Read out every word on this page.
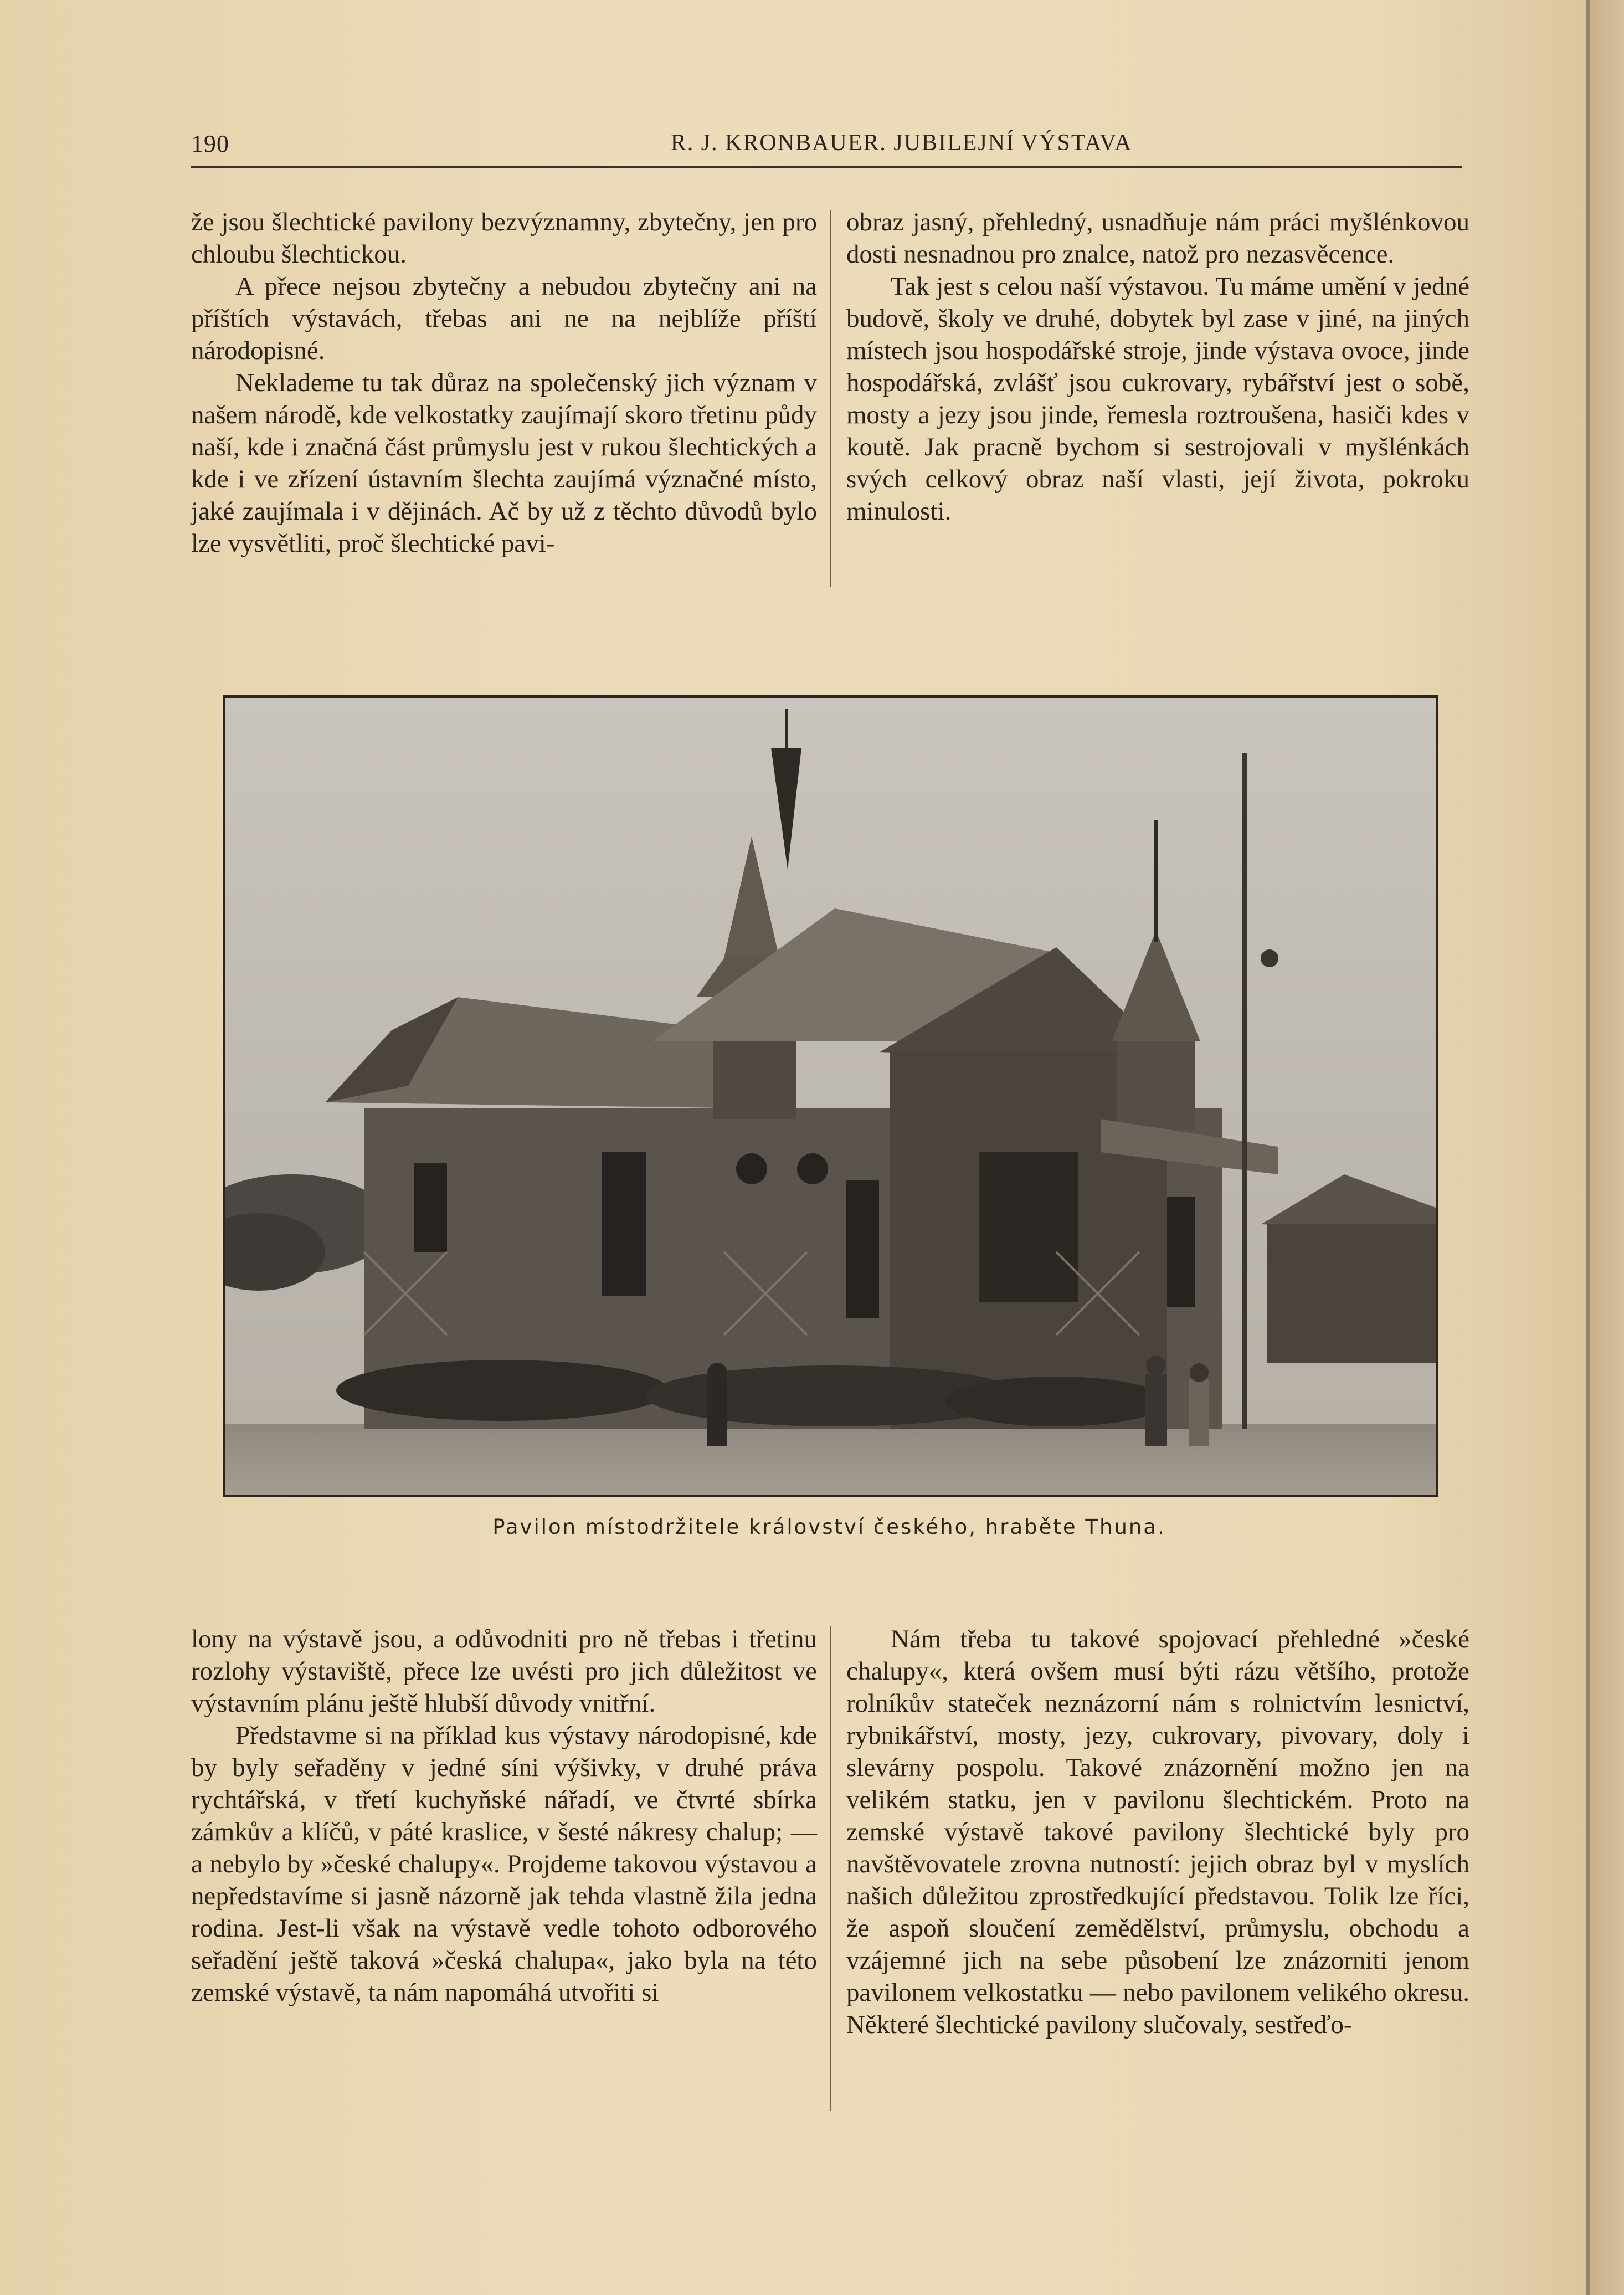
190	R. J. KRONBAUER. JUBILEJNÍ VÝSTAVA

že jsou šlechtické pavilony bezvýznamny, zbytečny, jen pro chloubu šlechtickou.

A přece nejsou zbytečny a nebudou zbytečny ani na příštích výstavách, třebas ani ne na nejblíže příští národopisné.

Neklademe tu tak důraz na společenský jich význam v našem národě, kde velkostatky zaujímají skoro třetinu půdy naší, kde i značná část průmyslu jest v rukou šlechtických a kde i ve zřízení ústavním šlechta zaujímá význačné místo, jaké zaujímala i v dějinách. Ač by už z těchto důvodů bylo lze vysvětliti, proč šlechtické pavi-

obraz jasný, přehledný, usnadňuje nám práci myšlénkovou dosti nesnadnou pro znalce, natož pro nezasvěcence.

Tak jest s celou naší výstavou. Tu máme umění v jedné budově, školy ve druhé, dobytek byl zase v jiné, na jiných místech jsou hospodářské stroje, jinde výstava ovoce, jinde hospodářská, zvlášť jsou cukrovary, rybářství jest o sobě, mosty a jezy jsou jinde, řemesla roztroušena, hasiči kdes v koutě. Jak pracně bychom si sestrojovali v myšlénkách svých celkový obraz naší vlasti, její života, pokroku minulosti.

Pavilon místodržitele království českého, hraběte Thuna.

lony na výstavě jsou, a odůvodniti pro ně třebas i třetinu rozlohy výstaviště, přece lze uvésti pro jich důležitost ve výstavním plánu ještě hlubší důvody vnitřní.

Představme si na příklad kus výstavy národopisné, kde by byly seřaděny v jedné síni výšivky, v druhé práva rychtářská, v třetí kuchyňské nářadí, ve čtvrté sbírka zámkův a klíčů, v páté kraslice, v šesté nákresy chalup; — a nebylo by »české chalupy«. Projdeme takovou výstavou a nepředstavíme si jasně názorně jak tehda vlastně žila jedna rodina. Jest-li však na výstavě vedle tohoto odborového seřadění ještě taková »česká chalupa«, jako byla na této zemské výstavě, ta nám napomáhá utvořiti si

Nám třeba tu takové spojovací přehledné »české chalupy«, která ovšem musí býti rázu většího, protože rolníkův stateček neznázorní nám s rolnictvím lesnictví, rybnikářství, mosty, jezy, cukrovary, pivovary, doly i slevárny pospolu. Takové znázornění možno jen na velikém statku, jen v pavilonu šlechtickém. Proto na zemské výstavě takové pavilony šlechtické byly pro navštěvovatele zrovna nutností: jejich obraz byl v myslích našich důležitou zprostředkující představou. Tolik lze říci, že aspoň sloučení zemědělství, průmyslu, obchodu a vzájemné jich na sebe působení lze znázorniti jenom pavilonem velkostatku — nebo pavilonem velikého okresu. Některé šlechtické pavilony slučovaly, sestřeďo-
